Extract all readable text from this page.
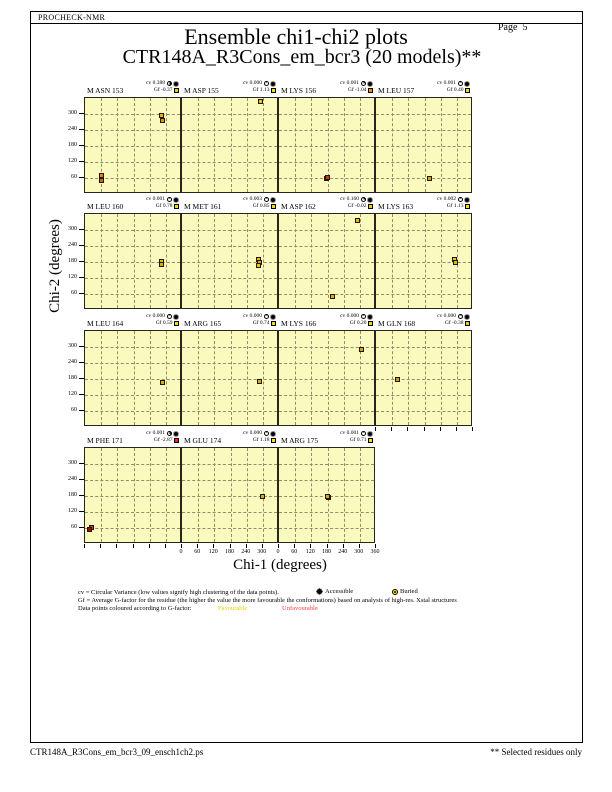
PROCHECK-NMR
Page  5
Ensemble chi1-chi2 plots
CTR148A_R3Cons_em_bcr3 (20 models)**
M ASN 153
cv 0.388
Gf -0.37
300
240
180
120
60
M ASP 155
cv 0.000
Gf 1.13 M LYS 156
cv 0.001
Gf -1.04 M LEU 157
cv 0.001
Gf 0.40
M LEU 160
cv 0.001
Gf 0.78
300
240
180
120
60
M MET 161
cv 0.003
Gf 0.85 M ASP 162
cv 0.160
Gf -0.02 M LYS 163
cv 0.002
Gf 1.13
M LEU 164
cv 0.000
Gf 0.59
300
240
180
120
60
M ARG 165
cv 0.000
Gf 0.74 M LYS 166
cv 0.000
Gf 0.20 M GLN 168
cv 0.000
Gf -0.38
M PHE 171
cv 0.001
Gf -2.87
300
240
180
120
60
M GLU 174
cv 0.000
Gf 1.18 M ARG 175
cv 0.001
Gf 0.71
0	60	120	180	240	300	0	60	120	180	240	300	360
Chi-1 (degrees)
Chi-2 (degrees)
cv = Circular Variance (low values signify high clustering of the data points).	Accessible	Buried
Gf = Average G-factor for the residue (the higher the value the more favourable the conformations) based on analysis of high-res. Xstal structures
Data points coloured according to G-factor:	Favourable	Unfavourable
CTR148A_R3Cons_em_bcr3_09_ensch1ch2.ps	** Selected residues only
